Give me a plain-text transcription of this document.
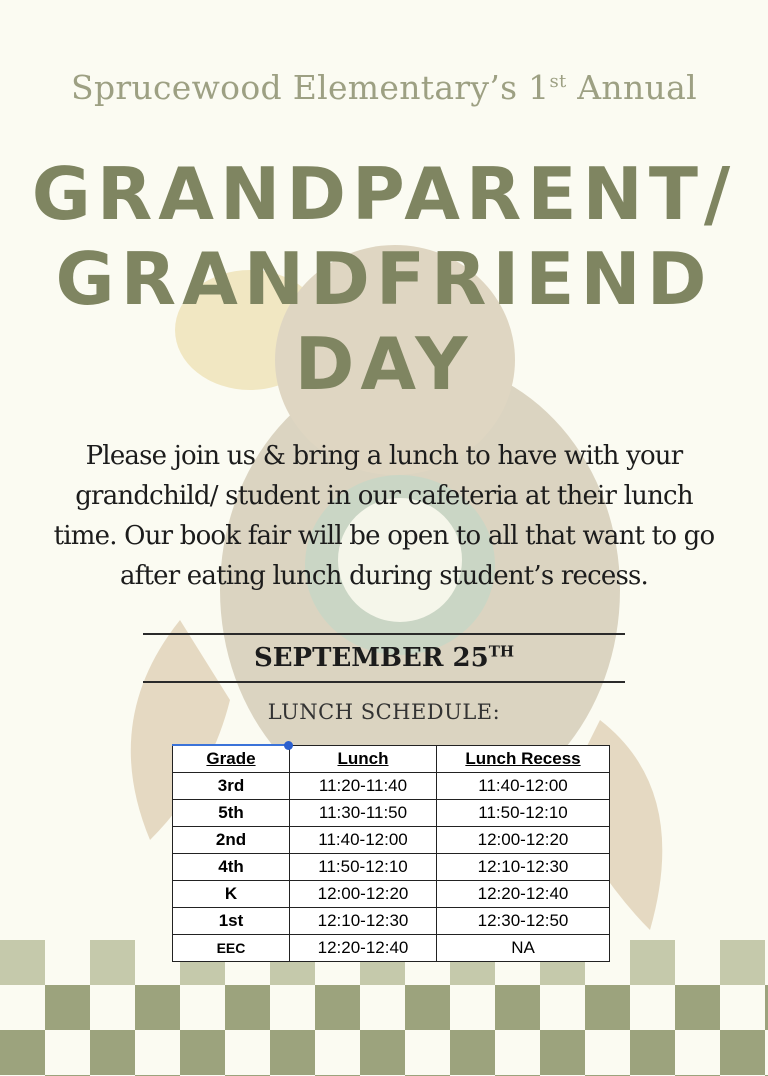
Sprucewood Elementary’s 1st Annual
GRANDPARENT/
GRANDFRIEND
DAY
Please join us & bring a lunch to have with your
grandchild/ student in our cafeteria at their lunch
time. Our book fair will be open to all that want to go
after eating lunch during student’s recess.
SEPTEMBER 25TH
LUNCH SCHEDULE:
Grade	Lunch	Lunch Recess
3rd	11:20-11:40	11:40-12:00
5th	11:30-11:50	11:50-12:10
2nd	11:40-12:00	12:00-12:20
4th	11:50-12:10	12:10-12:30
K	12:00-12:20	12:20-12:40
1st	12:10-12:30	12:30-12:50
EEC	12:20-12:40	NA
